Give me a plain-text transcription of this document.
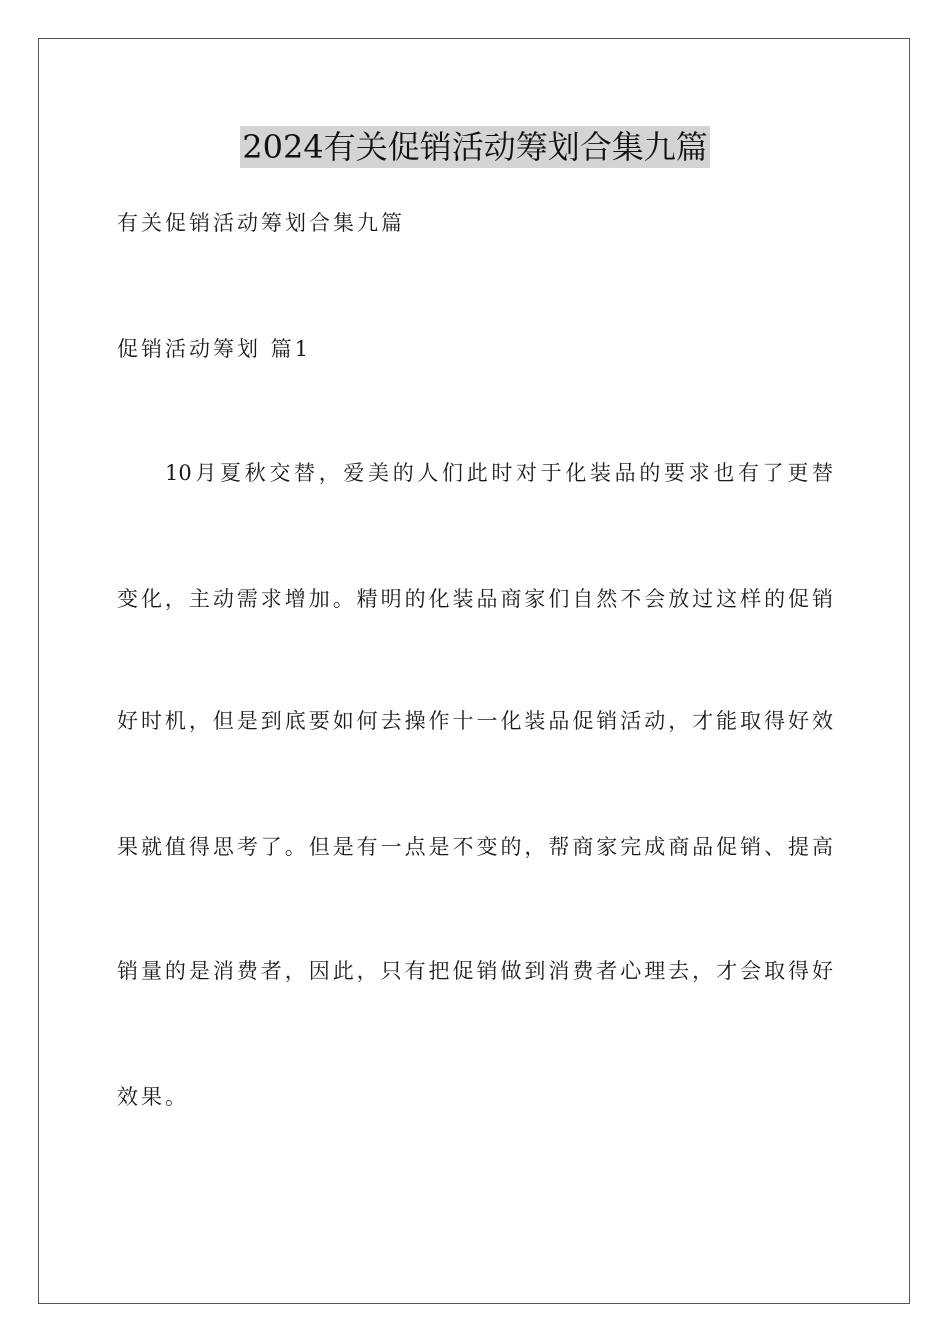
2024有关促销活动筹划合集九篇
有关促销活动筹划合集九篇
促销活动筹划 篇1
10月夏秋交替，爱美的人们此时对于化装品的要求也有了更替
变化，主动需求增加。精明的化装品商家们自然不会放过这样的促销
好时机，但是到底要如何去操作十一化装品促销活动，才能取得好效
果就值得思考了。但是有一点是不变的，帮商家完成商品促销、提高
销量的是消费者，因此，只有把促销做到消费者心理去，才会取得好
效果。
